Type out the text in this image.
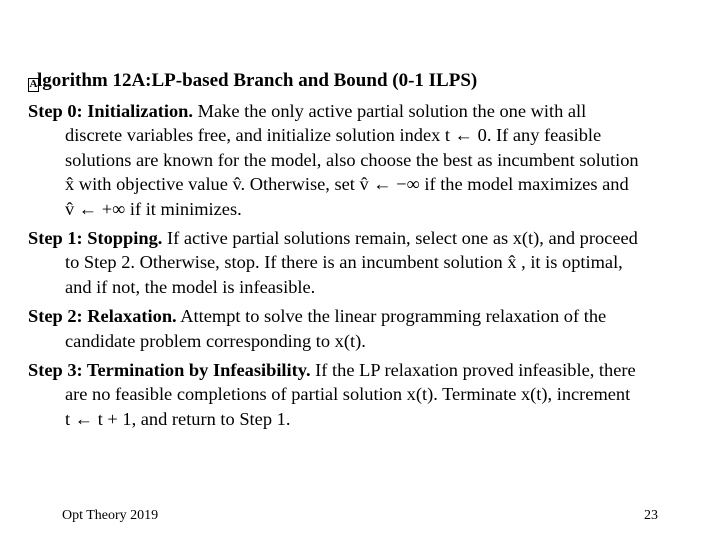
Algorithm 12A:LP-based Branch and Bound (0-1 ILPS)
Step 0: Initialization. Make the only active partial solution the one with all
discrete variables free, and initialize solution index t ← 0. If any feasible
solutions are known for the model, also choose the best as incumbent solution
x̂ with objective value v̂. Otherwise, set v̂ ← −∞ if the model maximizes and
v̂ ← +∞ if it minimizes.
Step 1: Stopping. If active partial solutions remain, select one as x(t), and proceed
to Step 2. Otherwise, stop. If there is an incumbent solution x̂ , it is optimal,
and if not, the model is infeasible.
Step 2: Relaxation. Attempt to solve the linear programming relaxation of the
candidate problem corresponding to x(t).
Step 3: Termination by Infeasibility. If the LP relaxation proved infeasible, there
are no feasible completions of partial solution x(t). Terminate x(t), increment
t ← t + 1, and return to Step 1.
Opt Theory 2019	23
